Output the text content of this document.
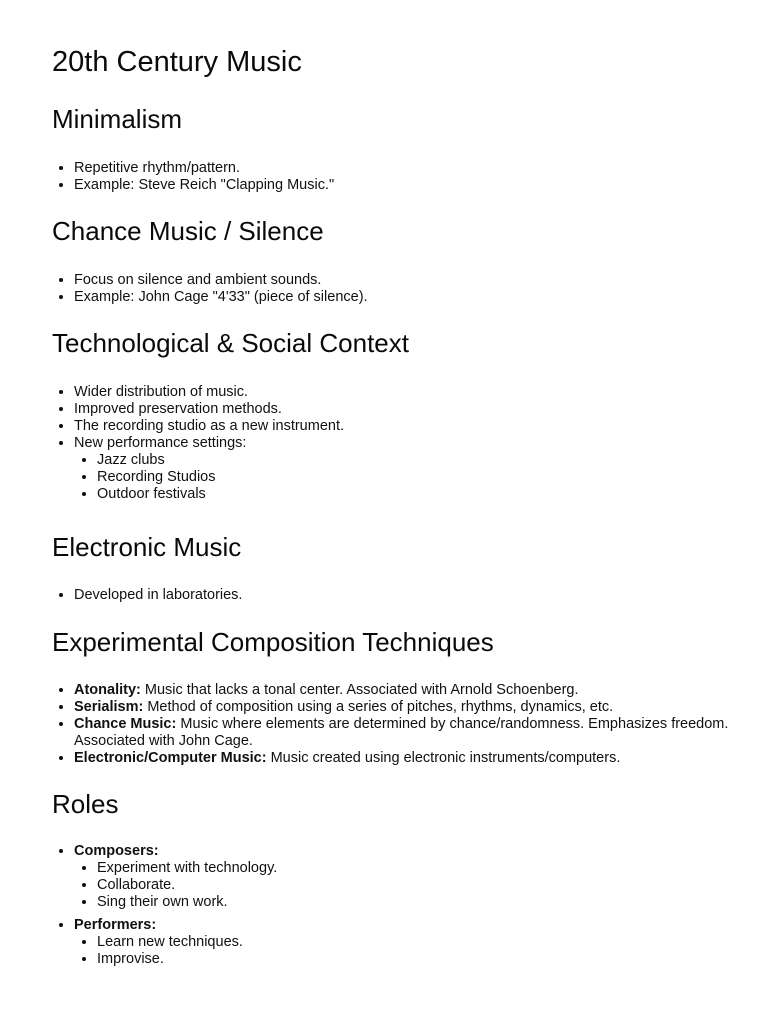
20th Century Music
Minimalism
• Repetitive rhythm/pattern.
• Example: Steve Reich "Clapping Music."
Chance Music / Silence
• Focus on silence and ambient sounds.
• Example: John Cage "4'33" (piece of silence).
Technological & Social Context
• Wider distribution of music.
• Improved preservation methods.
• The recording studio as a new instrument.
• New performance settings:
• Jazz clubs
• Recording Studios
• Outdoor festivals
Electronic Music
• Developed in laboratories.
Experimental Composition Techniques
• Atonality: Music that lacks a tonal center. Associated with Arnold Schoenberg.
• Serialism: Method of composition using a series of pitches, rhythms, dynamics, etc.
• Chance Music: Music where elements are determined by chance/randomness. Emphasizes freedom. Associated with John Cage.
• Electronic/Computer Music: Music created using electronic instruments/computers.
Roles
• Composers:
• Experiment with technology.
• Collaborate.
• Sing their own work.
• Performers:
• Learn new techniques.
• Improvise.
